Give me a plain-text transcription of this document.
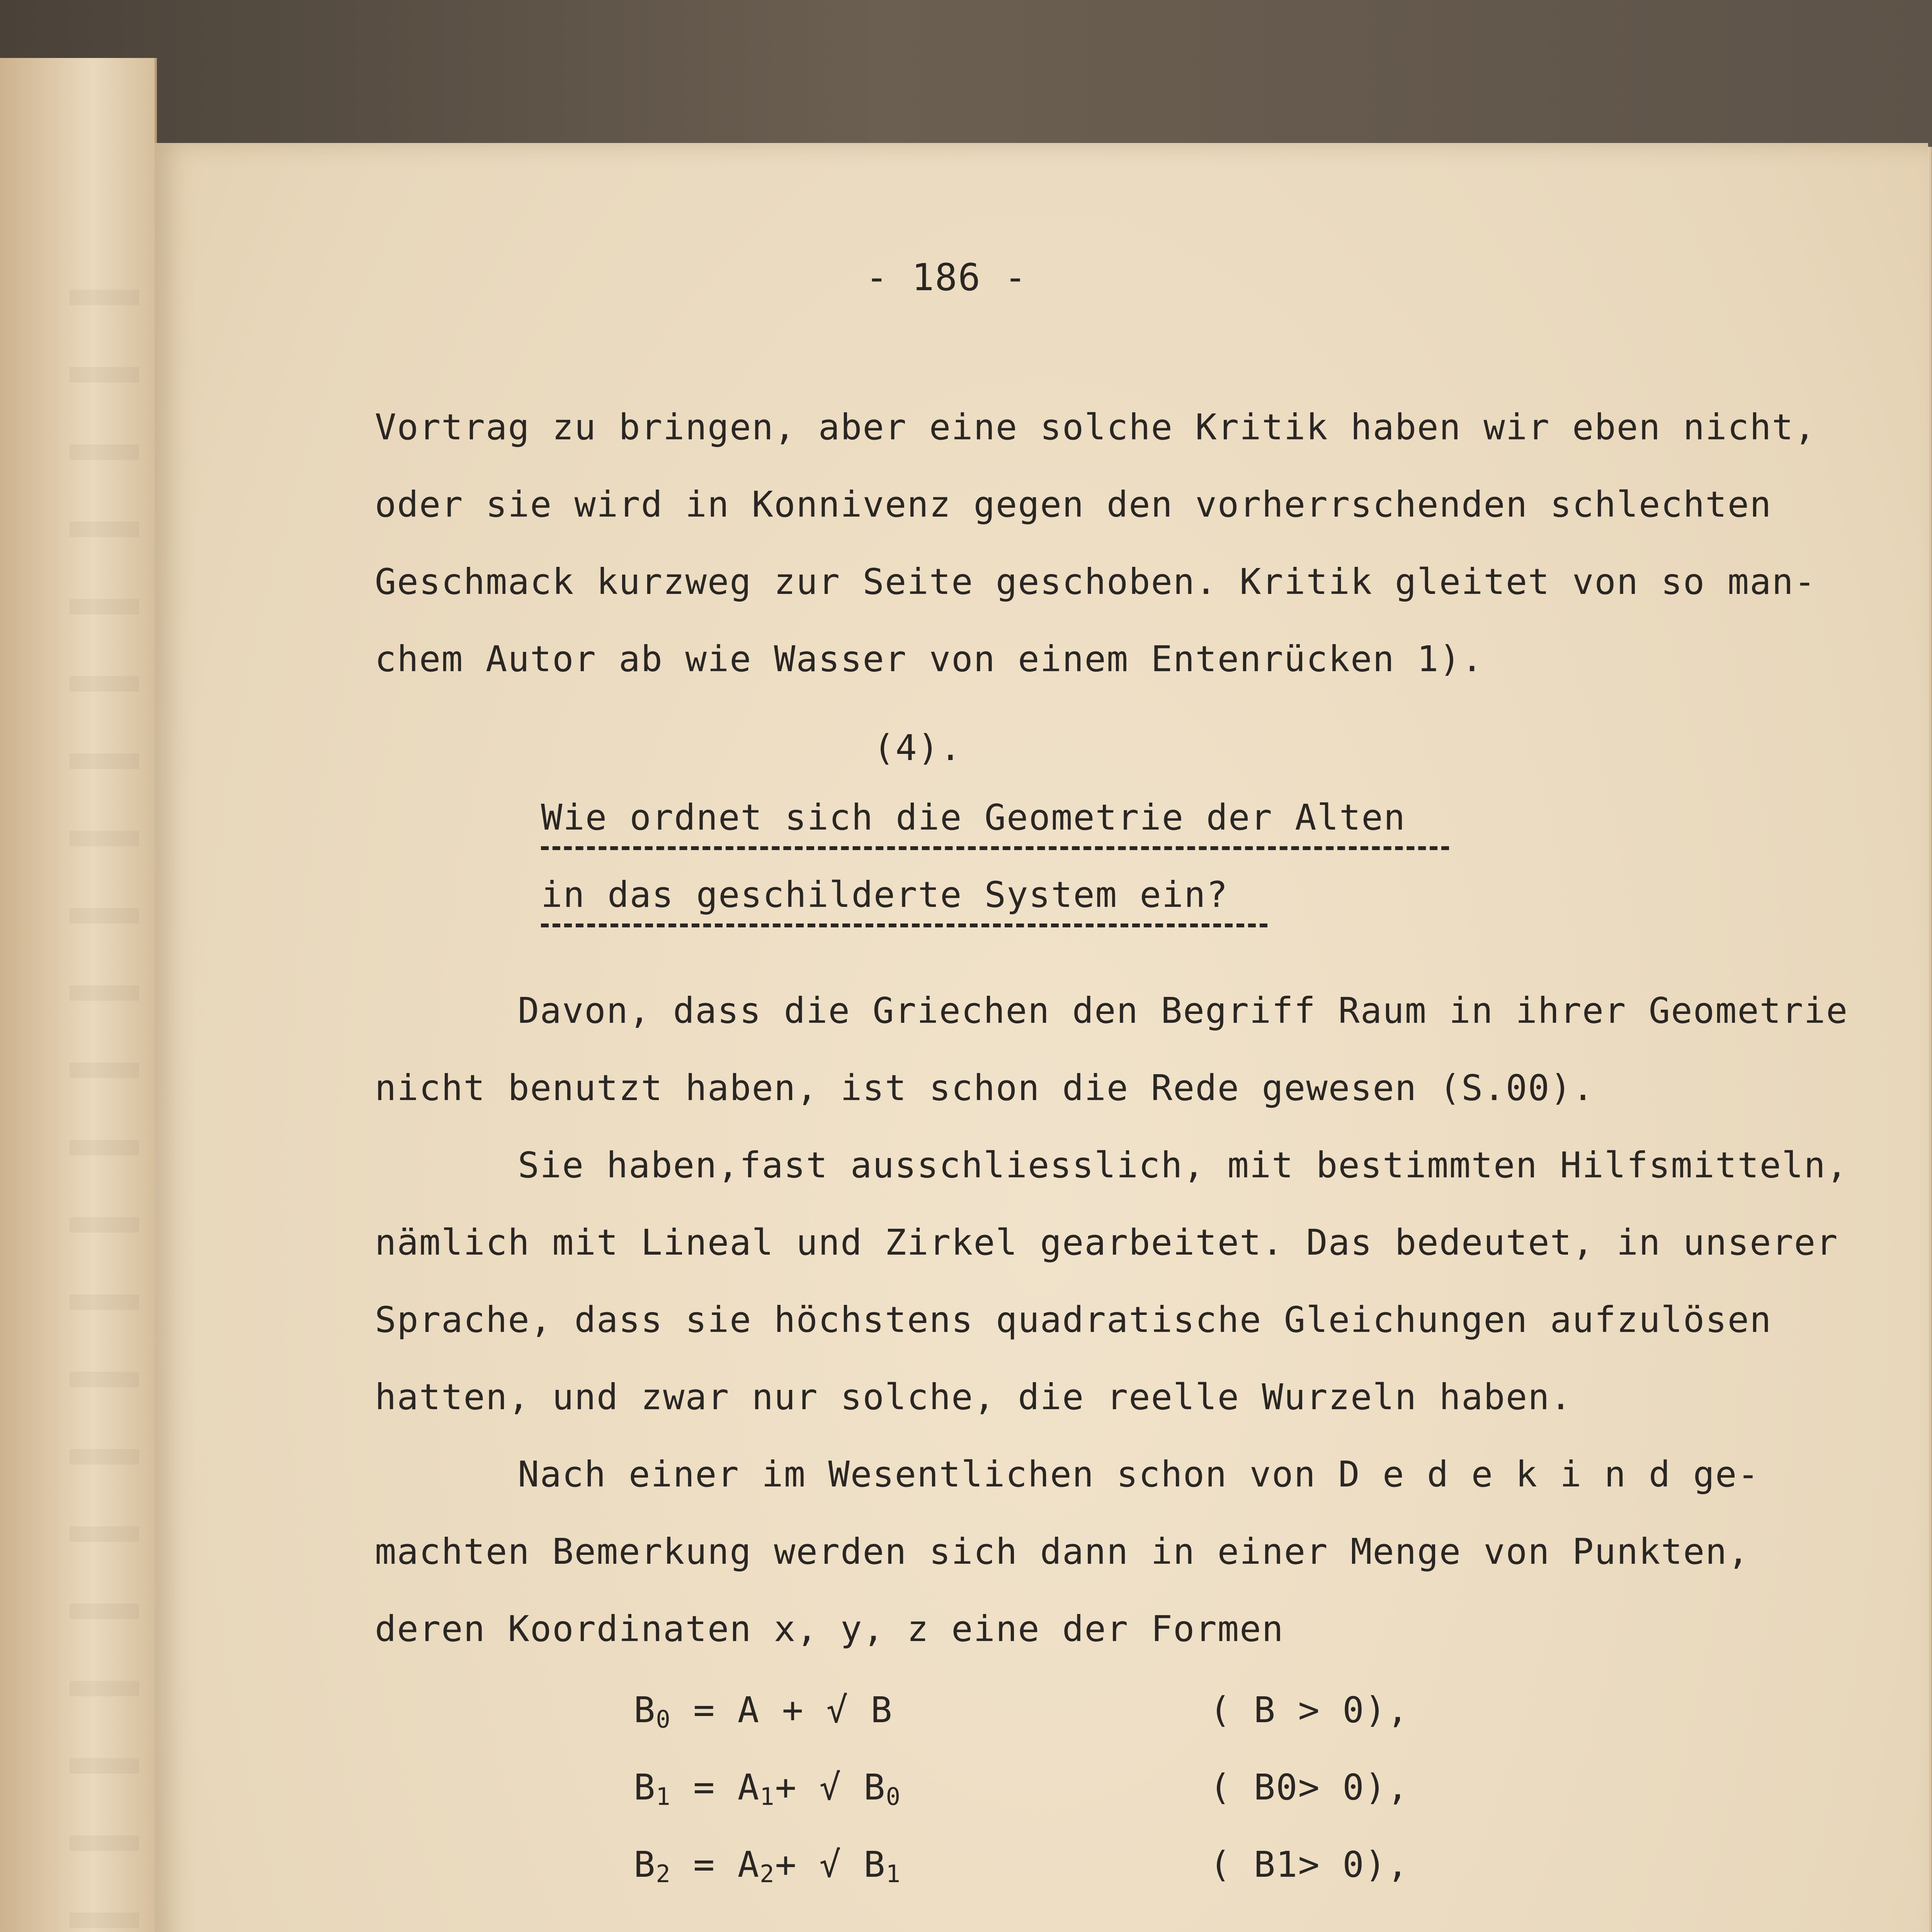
- 186 -
Vortrag zu bringen, aber eine solche Kritik haben wir eben nicht,
oder sie wird in Konnivenz gegen den vorherrschenden schlechten
Geschmack kurzweg zur Seite geschoben. Kritik gleitet von so man-
chem Autor ab wie Wasser von einem Entenrücken 1).
(4).
Wie ordnet sich die Geometrie der Alten
in das geschilderte System ein?
Davon, dass die Griechen den Begriff Raum in ihrer Geometrie
nicht benutzt haben, ist schon die Rede gewesen (S.00).
Sie haben,fast ausschliesslich, mit bestimmten Hilfsmitteln,
nämlich mit Lineal und Zirkel gearbeitet. Das bedeutet, in unserer
Sprache, dass sie höchstens quadratische Gleichungen aufzulösen
hatten, und zwar nur solche, die reelle Wurzeln haben.
Nach einer im Wesentlichen schon von D e d e k i n d ge-
machten Bemerkung werden sich dann in einer Menge von Punkten,
deren Koordinaten x, y, z eine der Formen
$B_0 = A$ + √ B	( B > 0),
$B_1 = A_1+$ √ $B_0$	( B0> 0),
$B_2 = A_2+$ √ $B_1$	( B1> 0),
